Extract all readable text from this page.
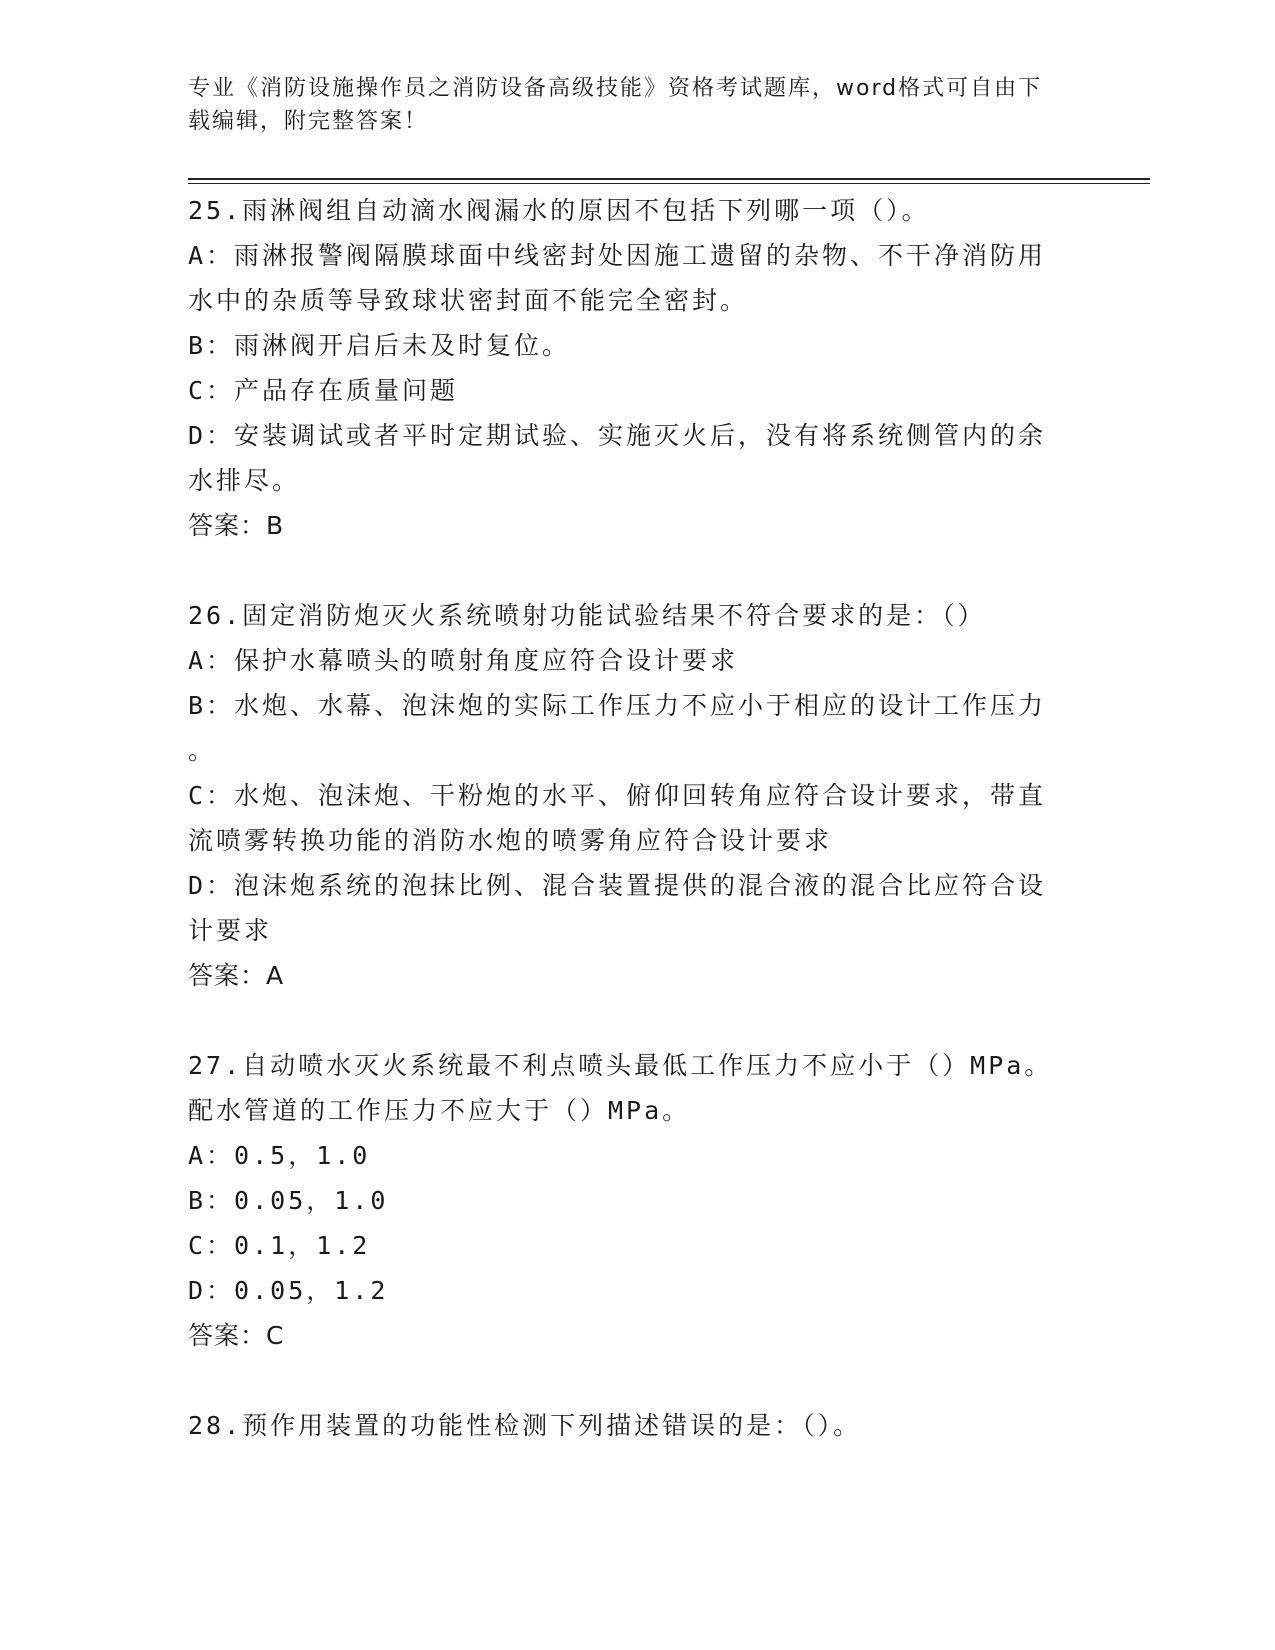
专业《消防设施操作员之消防设备高级技能》资格考试题库，word格式可自由下
载编辑，附完整答案！

25.雨淋阀组自动滴水阀漏水的原因不包括下列哪一项（）。

A：雨淋报警阀隔膜球面中线密封处因施工遗留的杂物、不干净消防用

水中的杂质等导致球状密封面不能完全密封。

B：雨淋阀开启后未及时复位。

C：产品存在质量问题

D：安装调试或者平时定期试验、实施灭火后，没有将系统侧管内的余

水排尽。

答案：B

26.固定消防炮灭火系统喷射功能试验结果不符合要求的是：（）

A：保护水幕喷头的喷射角度应符合设计要求

B：水炮、水幕、泡沫炮的实际工作压力不应小于相应的设计工作压力

。

C：水炮、泡沫炮、干粉炮的水平、俯仰回转角应符合设计要求，带直

流喷雾转换功能的消防水炮的喷雾角应符合设计要求

D：泡沫炮系统的泡抹比例、混合装置提供的混合液的混合比应符合设

计要求

答案：A

27.自动喷水灭火系统最不利点喷头最低工作压力不应小于（）MPa。

配水管道的工作压力不应大于（）MPa。

A：0.5，1.0

B：0.05，1.0

C：0.1，1.2

D：0.05，1.2

答案：C

28.预作用装置的功能性检测下列描述错误的是：（）。
